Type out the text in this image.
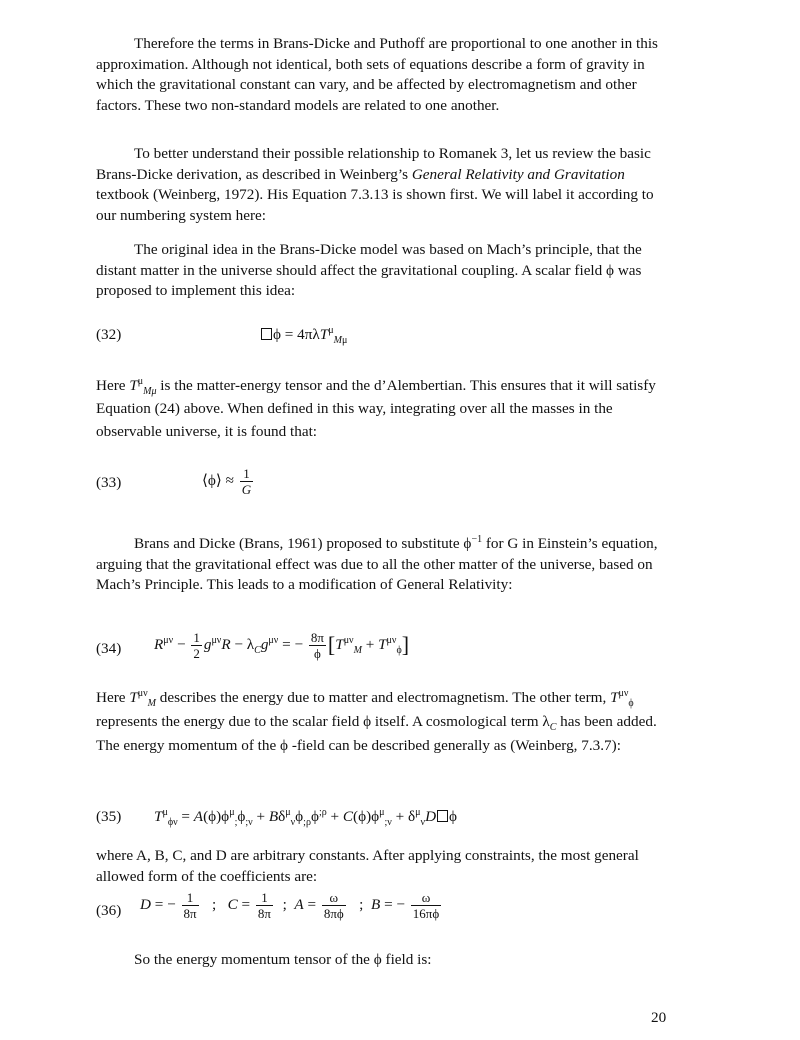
Therefore the terms in Brans-Dicke and Puthoff are proportional to one another in this approximation. Although not identical, both sets of equations describe a form of gravity in which the gravitational constant can vary, and be affected by electromagnetism and other factors. These two non-standard models are related to one another.

To better understand their possible relationship to Romanek 3, let us review the basic Brans-Dicke derivation, as described in Weinberg’s General Relativity and Gravitation textbook (Weinberg, 1972). His Equation 7.3.13 is shown first. We will label it according to our numbering system here:

The original idea in the Brans-Dicke model was based on Mach’s principle, that the distant matter in the universe should affect the gravitational coupling. A scalar field ϕ was proposed to implement this idea:

(32)	ϕ = 4πλT$^\mu_{M\mu}$

Here $T^\mu_{M\mu}$ is the matter-energy tensor and the d’Alembertian. This ensures that it will satisfy Equation (24) above. When defined in this way, integrating over all the masses in the observable universe, it is found that:

(33)	⟨ϕ⟩ ≈ $\frac{1}{G}$

Brans and Dicke (Brans, 1961) proposed to substitute $\phi^{-1}$ for G in Einstein’s equation, arguing that the gravitational effect was due to all the other matter of the universe, based on Mach’s Principle. This leads to a modification of General Relativity:

(34) $R^{\mu\nu} - \frac{1}{2} g^{\mu\nu}R - \lambda_Cg^{\mu\nu}$ = − $\frac{8\pi}{\phi} [T^{\mu\nu}_M + T^{\mu\nu}_\phi]$

Here $T^{\mu\nu}_M$ describes the energy due to matter and electromagnetism. The other term, $T^{\mu\nu}_\phi$ represents the energy due to the scalar field ϕ itself. A cosmological term $\lambda_C$ has been added. The energy momentum of the ϕ -field can be described generally as (Weinberg, 7.3.7):

(35) $T^\mu_{\phi\nu} = A(\phi)\phi^\mu_;\phi_{;\nu} + B\delta^\mu_\nu\phi_{;\rho}\phi^{;\rho} + C(\phi)\phi^\mu_{;\nu} + \delta^\mu_\nu D$ ϕ

where A, B, C, and D are arbitrary constants. After applying constraints, the most general allowed form of the coefficients are:

(36) D = − $\frac{1}{8\pi}$ ;   $C = \frac{1}{8\pi}$ ;  $A = \frac{\omega}{8\pi\phi}$ ;  B = − $\frac{\omega}{16\pi\phi}$

So the energy momentum tensor of the ϕ field is:

20
